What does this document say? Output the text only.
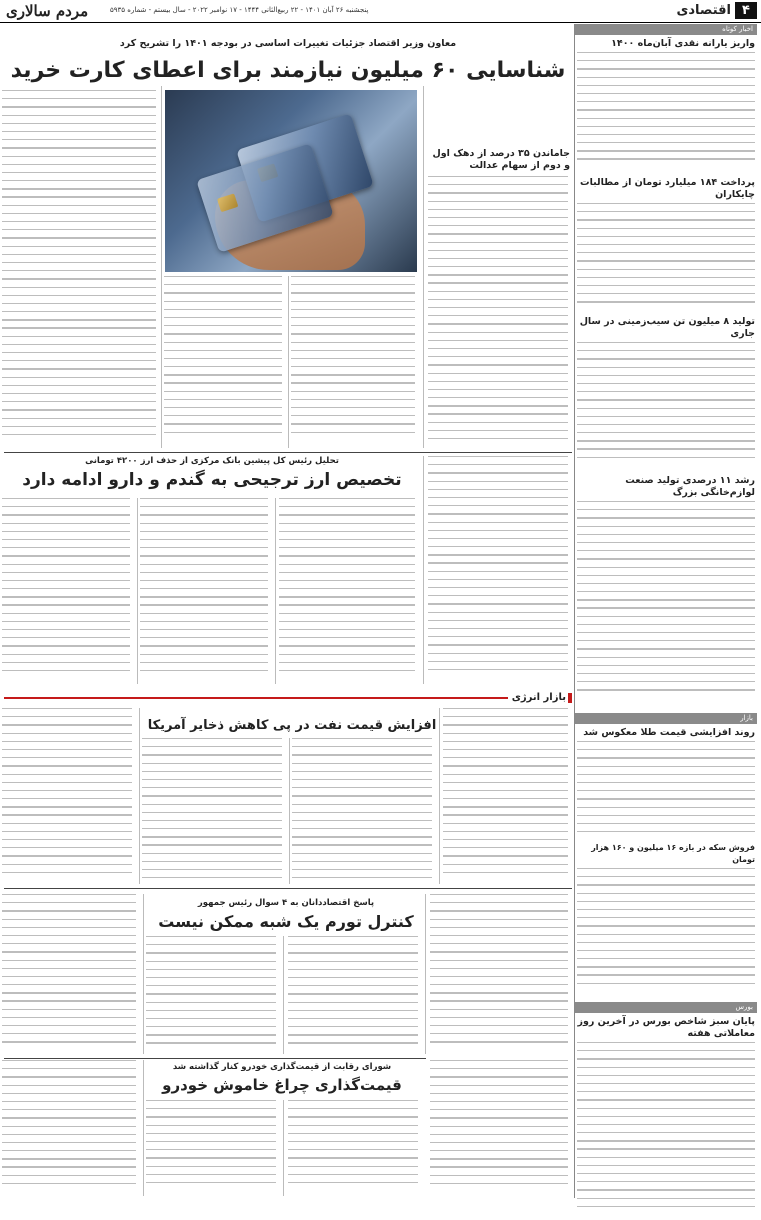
۴
اقتصادی
پنجشنبه ۲۶ آبان ۱۴۰۱ - ۲۲ ربیع‌الثانی ۱۴۴۴ - ۱۷ نوامبر ۲۰۲۲ - سال بیستم - شماره ۵۹۳۵
مردم سالاری
اخبار کوتاه
واریز یارانه نقدی آبان‌ماه ۱۴۰۰
پرداخت ۱۸۴ میلیارد تومان از مطالبات چایکاران
تولید ۸ میلیون تن سیب‌زمینی در سال جاری
رشد ۱۱ درصدی تولید صنعت لوازم‌خانگی بزرگ
بازار
روند افزایشی قیمت طلا معکوس شد
فروش سکه در بازه ۱۶ میلیون و ۱۶۰ هزار تومان
بورس
پایان سبز شاخص بورس در آخرین روز معاملاتی هفته
معاون وزیر اقتصاد جزئیات تغییرات اساسی در بودجه ۱۴۰۱ را تشریح کرد
شناسایی ۶۰ میلیون نیازمند برای اعطای کارت خرید
جاماندن ۳۵ درصد از دهک اول و دوم از سهام عدالت
تحلیل رئیس کل پیشین بانک مرکزی از حذف ارز ۴۲۰۰ تومانی
تخصیص ارز ترجیحی به گندم و دارو ادامه دارد
بازار انرژی
افزایش قیمت نفت در پی کاهش ذخایر آمریکا
پاسخ اقتصاددانان به ۴ سوال رئیس جمهور
کنترل تورم یک شبه ممکن نیست
شورای رقابت از قیمت‌گذاری خودرو کنار گذاشته شد
قیمت‌گذاری چراغ خاموش خودرو
